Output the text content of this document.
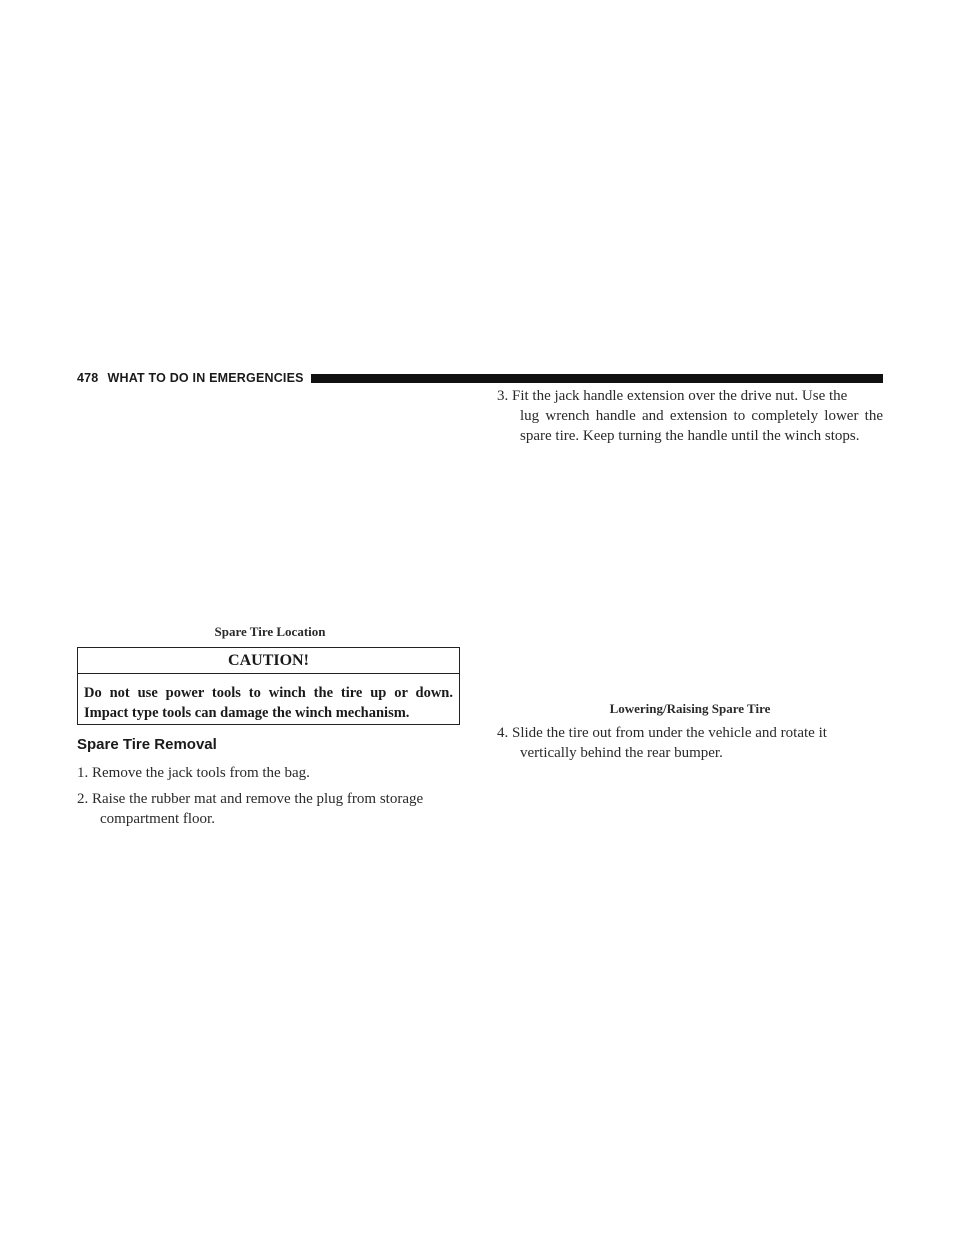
478 WHAT TO DO IN EMERGENCIES
Spare Tire Location
CAUTION!
Do not use power tools to winch the tire up or down. Impact type tools can damage the winch mechanism.
Spare Tire Removal
1. Remove the jack tools from the bag.
2. Raise the rubber mat and remove the plug from storage
compartment floor.
3. Fit the jack handle extension over the drive nut. Use the
lug wrench handle and extension to completely lower the spare tire. Keep turning the handle until the winch stops.
Lowering/Raising Spare Tire
4. Slide the tire out from under the vehicle and rotate it
vertically behind the rear bumper.
